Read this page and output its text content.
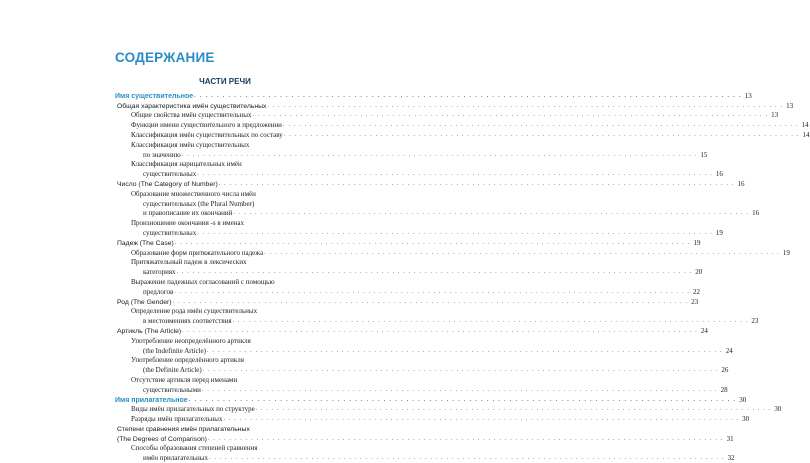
СОДЕРЖАНИЕ
ЧАСТИ РЕЧИ
Имя существительное . . .	13
Общая характеристика имён существительных . . .	13
Общие свойства имён существительных . . .	13
Функции имени существительного в предложении . . .	14
Классификация имён существительных по составу . . .	14
Классификация имён существительных
по значению . . .	15
Классификация нарицательных имён
существительных . . .	16
Число (The Category of Number) . . .	16
Образование множественного числа имён
существительных (the Plural Number)
и правописание их окончаний . . .	16
Произношение окончания -s в именах
существительных . . .	19
Падеж (The Case) . . .	19
Образование форм притяжательного падежа . . .	19
Притяжательный падеж в лексических
категориях . . .	20
Выражение падежных согласований с помощью
предлогов . . .	22
Род (The Gender) . . .	23
Определение рода имён существительных
в местоимениях соответствия . . .	23
Артикль (The Article) . . .	24
Употребление неопределённого артикля
(the Indefinite Article) . . .	24
Употребление определённого артикля
(the Definite Article) . . .	26
Отсутствие артикля перед именами
существительными . . .	28
Имя прилагательное . . .	30
Виды имён прилагательных по структуре . . .	30
Разряды имён прилагательных . . .	30
Степени сравнения имён прилагательных
(The Degrees of Comparison) . . .	31
Способы образования степеней сравнения
имён прилагательных . . .	32
